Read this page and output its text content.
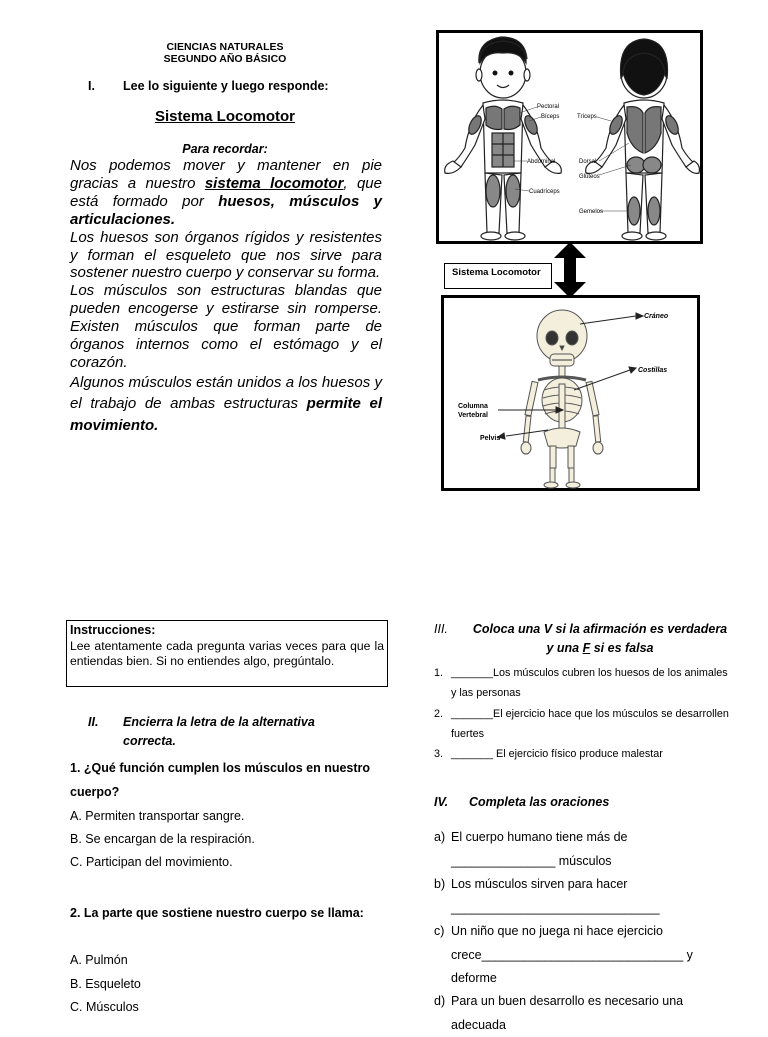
CIENCIAS NATURALES
SEGUNDO AÑO BÁSICO
I. Lee lo siguiente y luego responde:
Sistema Locomotor
Para recordar:

Nos podemos mover y mantener en pie gracias a nuestro sistema locomotor, que está formado por huesos, músculos y articulaciones.

Los huesos son órganos rígidos y resistentes y forman el esqueleto que nos sirve para sostener nuestro cuerpo y conservar su forma.

Los músculos son estructuras blandas que pueden encogerse y estirarse sin romperse. Existen músculos que forman parte de órganos internos como el estómago y el corazón.

Algunos músculos están unidos a los huesos y el trabajo de ambas estructuras permite el movimiento.

Pectoral
Bíceps
Abdominal
Cuadríceps
Tríceps
Dorsal
Glúteos
Gemelos
Sistema Locomotor
Cráneo
Costillas
Columna
Vertebral
Pelvis
Instrucciones:
Lee atentamente cada pregunta varias veces para que la entiendas bien. Si no entiendes algo, pregúntalo.
II. Encierra la letra de la alternativa correcta.
1. ¿Qué función cumplen los músculos en nuestro cuerpo?
A. Permiten transportar sangre.
B. Se encargan de la respiración.
C. Participan del movimiento.
2. La parte que sostiene nuestro cuerpo se llama:
A. Pulmón
B. Esqueleto
C. Músculos
III. Coloca una V si la afirmación es verdadera y una F si es falsa
1. _______Los músculos cubren los huesos de los animales y las personas
2. _______El ejercicio hace que los músculos se desarrollen fuertes
3. _______ El ejercicio físico produce malestar
IV. Completa las oraciones
a) El cuerpo humano tiene más de _______________ músculos
b) Los músculos sirven para hacer ______________________________
c) Un niño que no juega ni hace ejercicio crece_____________________________ y deforme
d) Para un buen desarrollo es necesario una adecuada
